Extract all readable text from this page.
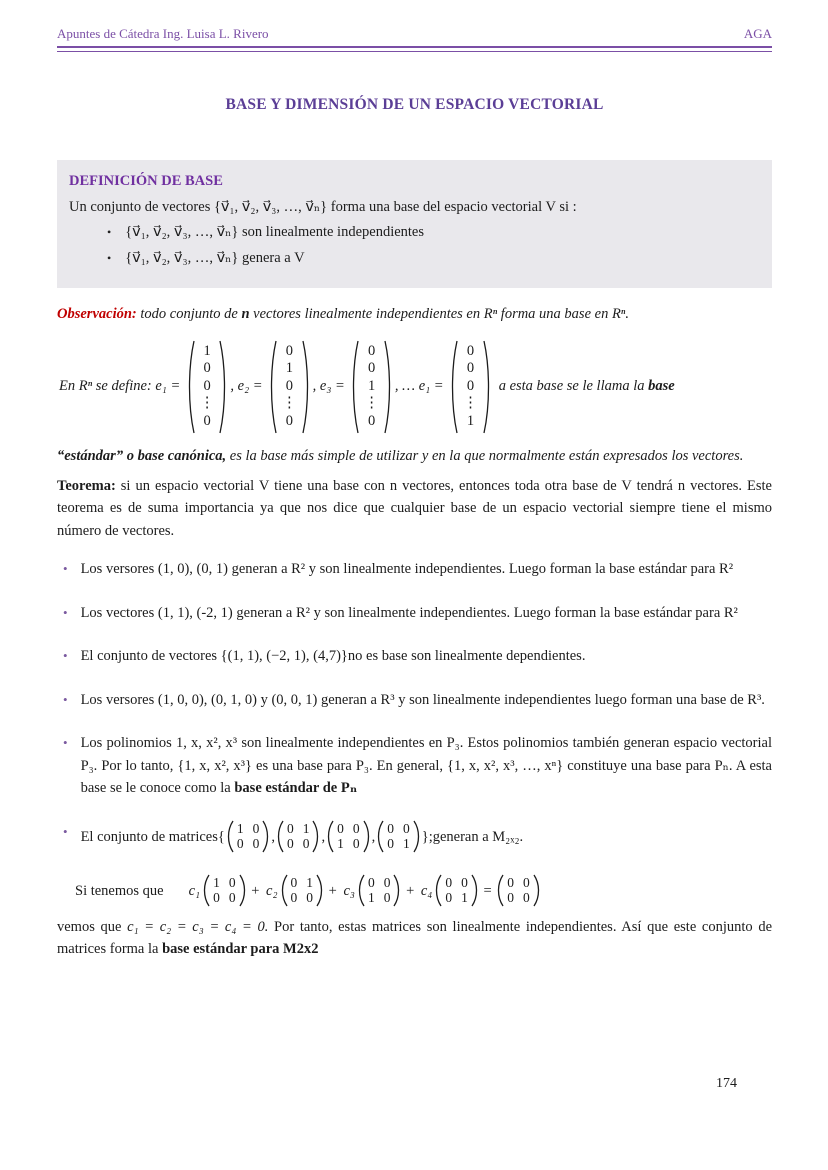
Apuntes de Cátedra Ing. Luisa L. Rivero	AGA
BASE Y DIMENSIÓN DE UN ESPACIO VECTORIAL
DEFINICIÓN DE BASE

Un conjunto de vectores {v⃗₁, v⃗₂, v⃗₃, …, v⃗ₙ} forma una base del espacio vectorial V si :

• {v⃗₁, v⃗₂, v⃗₃, …, v⃗ₙ} son linealmente independientes
• {v⃗₁, v⃗₂, v⃗₃, …, v⃗ₙ} genera a V

Observación: todo conjunto de n vectores linealmente independientes en Rⁿ forma una base en Rⁿ.

En Rⁿ se define: e₁ =
1
0
0
⋮
0
, e₂ =
0
1
0
⋮
0
, e₃ =
0
0
1
⋮
0
, … e₁ =
0
0
0
⋮
1
a esta base se le llama la base

“estándar” o base canónica, es la base más simple de utilizar y en la que normalmente están expresados los vectores.

Teorema: si un espacio vectorial V tiene una base con n vectores, entonces toda otra base de V tendrá n vectores. Este teorema es de suma importancia ya que nos dice que cualquier base de un espacio vectorial siempre tiene el mismo número de vectores.

• Los versores (1, 0), (0, 1) generan a R² y son linealmente independientes. Luego forman la base estándar para R²
• Los vectores (1, 1), (-2, 1) generan a R² y son linealmente independientes. Luego forman la base estándar para R²
• El conjunto de vectores {(1, 1), (−2, 1), (4,7)}no es base son linealmente dependientes.
• Los versores (1, 0, 0), (0, 1, 0) y (0, 0, 1) generan a R³ y son linealmente independientes luego forman una base de R³.
• Los polinomios 1, x, x², x³ son linealmente independientes en P₃. Estos polinomios también generan espacio vectorial P₃. Por lo tanto, {1, x, x², x³} es una base para P₃. En general, {1, x, x², x³, …, xⁿ} constituye una base para Pₙ. A esta base se le conoce como la base estándar de Pₙ
• El conjunto de matrices{
1 0
0 0 ,
0 1
0 0 ,
0 0
1 0 ,
0 0
0 1 };generan a M₂ₓ₂.
Si tenemos que c₁
1 0
0 0 + c₂
0 1
0 0 + c₃
0 0
1 0 + c₄
0 0
0 1 =
0 0
0 0

vemos que c₁ = c₂ = c₃ = c₄ = 0. Por tanto, estas matrices son linealmente independientes. Así que este conjunto de matrices forma la base estándar para M2x2

174
